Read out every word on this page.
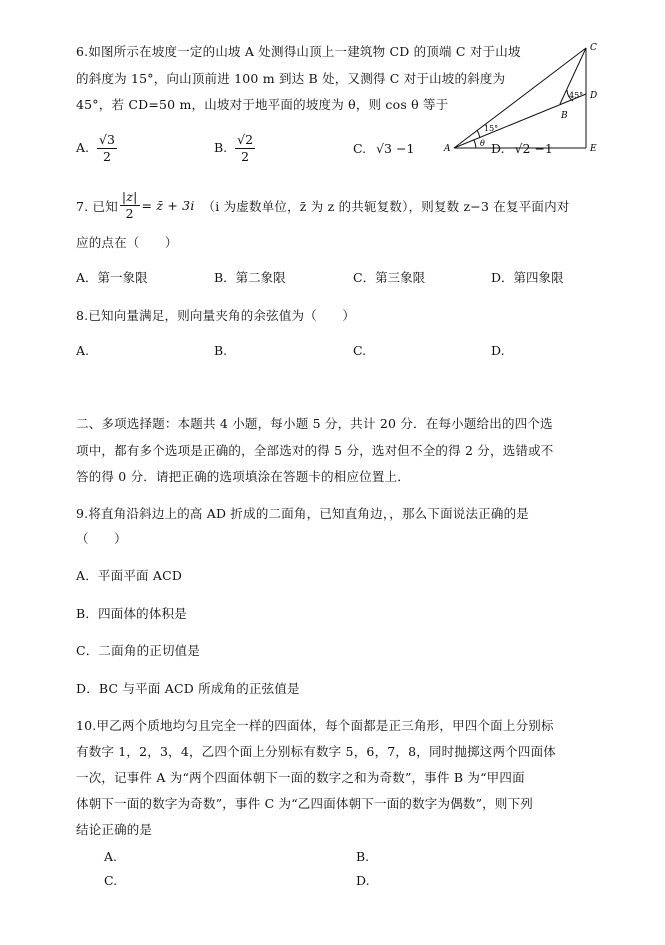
6.如图所示在坡度一定的山坡 A 处测得山顶上一建筑物 CD 的顶端 C 对于山坡
的斜度为 15°，向山顶前进 100 m 到达 B 处，又测得 C 对于山坡的斜度为
45°，若 CD=50 m，山坡对于地平面的坡度为 θ，则 cos θ 等于
A. $\frac{√3}{2}$	B. $\frac{√2}{2}$	C. √3 −1	D. √2 −1
C
D
B
A	E
15°
45°
θ
7. 已知 $\frac{|z|}{2}$ = z̄ + 3i （i 为虚数单位，z̄ 为 z 的共轭复数），则复数 z−3 在复平面内对
应的点在（　　）
A．第一象限	B．第二象限	C．第三象限	D．第四象限
8.已知向量满足，则向量夹角的余弦值为（　　）
A.	B.	C.	D.
二、多项选择题：本题共 4 小题，每小题 5 分，共计 20 分．在每小题给出的四个选
项中，都有多个选项是正确的，全部选对的得 5 分，选对但不全的得 2 分，选错或不
答的得 0 分．请把正确的选项填涂在答题卡的相应位置上．
9.将直角沿斜边上的高 AD 折成的二面角，已知直角边，，那么下面说法正确的是
（　　）
A．平面平面 ACD
B．四面体的体积是
C．二面角的正切值是
D．BC 与平面 ACD 所成角的正弦值是
10.甲乙两个质地均匀且完全一样的四面体，每个面都是正三角形，甲四个面上分别标
有数字 1，2，3，4，乙四个面上分别标有数字 5，6，7，8，同时抛掷这两个四面体
一次，记事件 A 为“两个四面体朝下一面的数字之和为奇数”，事件 B 为“甲四面
体朝下一面的数字为奇数”，事件 C 为“乙四面体朝下一面的数字为偶数”，则下列
结论正确的是
A.	B.
C.	D.
